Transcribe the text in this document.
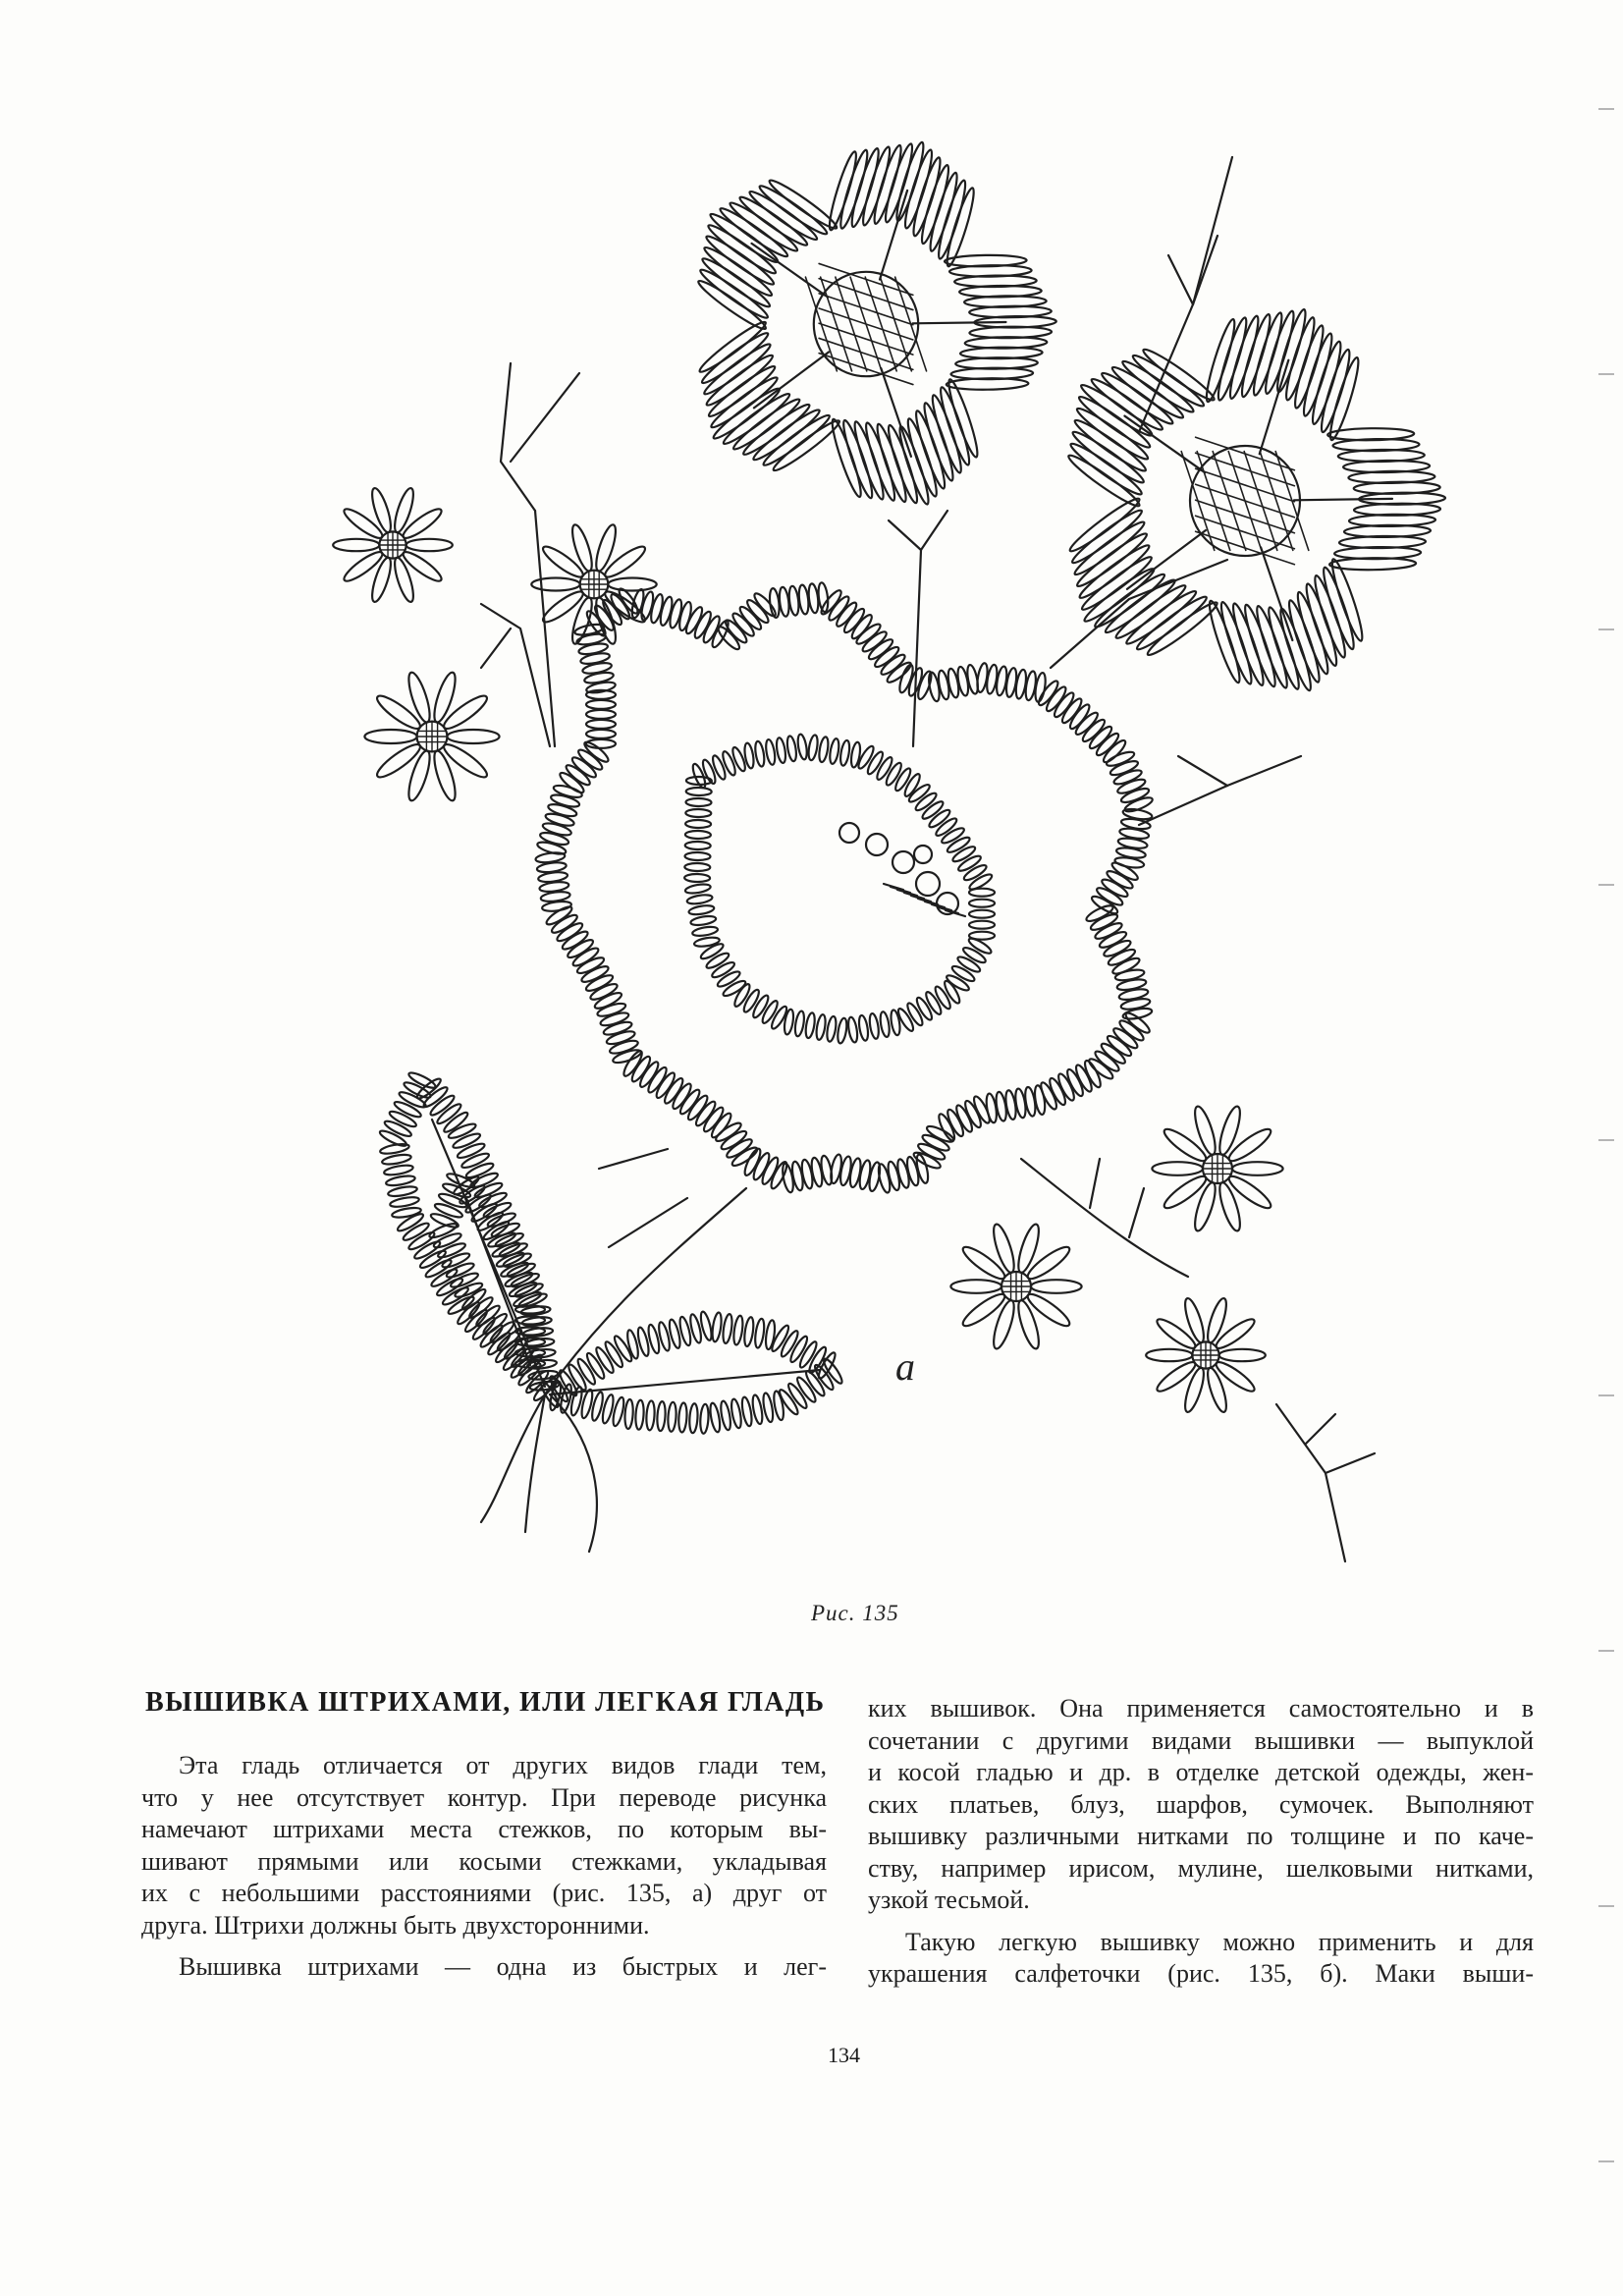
а
Рис. 135
ВЫШИВКА ШТРИХАМИ, ИЛИ ЛЕГКАЯ ГЛАДЬ

Эта гладь отличается от других видов глади тем,

что у нее отсутствует контур. При переводе рисунка

намечают штрихами места стежков, по которым вы-

шивают прямыми или косыми стежками, укладывая

их с небольшими расстояниями (рис. 135, а) друг от

друга. Штрихи должны быть двухсторонними.

Вышивка штрихами — одна из быстрых и лег-

ких вышивок. Она применяется самостоятельно и в

сочетании с другими видами вышивки — выпуклой

и косой гладью и др. в отделке детской одежды, жен-

ских платьев, блуз, шарфов, сумочек. Выполняют

вышивку различными нитками по толщине и по каче-

ству, например ирисом, мулине, шелковыми нитками,

узкой тесьмой.

Такую легкую вышивку можно применить и для

украшения салфеточки (рис. 135, б). Маки выши-

134
